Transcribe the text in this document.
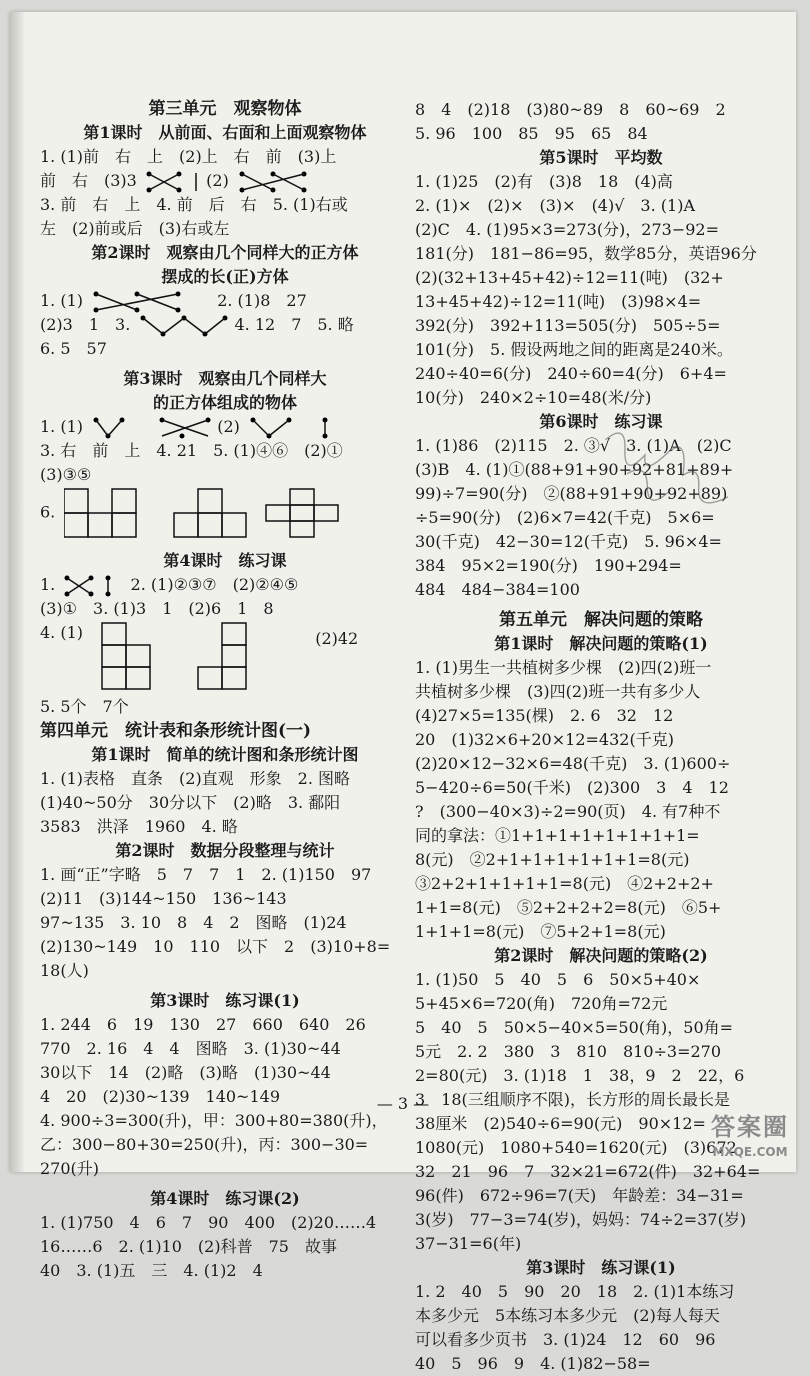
第三单元　观察物体
第1课时　从前面、右面和上面观察物体
1. (1)前　右　上　(2)上　右　前　(3)上
前　右　(3)3
	(2)
3. 前　右　上　4. 前　后　右　5. (1)右或
左　(2)前或后　(3)右或左
第2课时　观察由几个同样大的正方体
摆成的长(正)方体
1. (1)	2. (1)8　27
(2)3　1　3.	4. 12　7　5. 略
6. 5　57
第3课时　观察由几个同样大
的正方体组成的物体
1. (1)	(2)
3. 右　前　上　4. 21　5. (1)④⑥　(2)①
(3)③⑤
6.
第4课时　练习课
1.
	2. (1)②③⑦　(2)②④⑤
(3)①　3. (1)3　1　(2)6　1　8
4. (1)	(2)42
5. 5个　7个
第四单元　统计表和条形统计图(一)
第1课时　简单的统计图和条形统计图
1. (1)表格　直条　(2)直观　形象　2. 图略
(1)40~50分　30分以下　(2)略　3. 鄱阳
3583　洪泽　1960　4. 略
第2课时　数据分段整理与统计
1. 画“正”字略　5　7　7　1　2. (1)150　97
(2)11　(3)144~150　136~143
97~135　3. 10　8　4　2　图略　(1)24
(2)130~149　10　110　以下　2　(3)10+8=
18(人)
第3课时　练习课(1)
1. 244　6　19　130　27　660　640　26
770　2. 16　4　4　图略　3. (1)30~44
30以下　14　(2)略　(3)略　(1)30~44
4　20　(2)30~139　140~149
4. 900÷3=300(升)，甲：300+80=380(升)，
乙：300−80+30=250(升)，丙：300−30=
270(升)
第4课时　练习课(2)
1. (1)750　4　6　7　90　400　(2)20……4
16……6　2. (1)10　(2)科普　75　故事
40　3. (1)五　三　4. (1)2　4
8　4　(2)18　(3)80~89　8　60~69　2
5. 96　100　85　95　65　84
第5课时　平均数
1. (1)25　(2)有　(3)8　18　(4)高
2. (1)×　(2)×　(3)×　(4)√　3. (1)A
(2)C　4. (1)95×3=273(分)，273−92=
181(分)　181−86=95，数学85分，英语96分
(2)(32+13+45+42)÷12=11(吨)　(32+
13+45+42)÷12=11(吨)　(3)98×4=
392(分)　392+113=505(分)　505÷5=
101(分)　5. 假设两地之间的距离是240米。
240÷40=6(分)　240÷60=4(分)　6+4=
10(分)　240×2÷10=48(米/分)
第6课时　练习课
1. (1)86　(2)115　2. ③√　3. (1)A　(2)C
(3)B　4. (1)①(88+91+90+92+81+89+
99)÷7=90(分)　②(88+91+90+92+89)
÷5=90(分)　(2)6×7=42(千克)　5×6=
30(千克)　42−30=12(千克)　5. 96×4=
384　95×2=190(分)　190+294=
484　484−384=100
第五单元　解决问题的策略
第1课时　解决问题的策略(1)
1. (1)男生一共植树多少棵　(2)四(2)班一
共植树多少棵　(3)四(2)班一共有多少人
(4)27×5=135(棵)　2. 6　32　12
20　(1)32×6+20×12=432(千克)
(2)20×12−32×6=48(千克)　3. (1)600÷
5−420÷6=50(千米)　(2)300　3　4　12
?　(300−40×3)÷2=90(页)　4. 有7种不
同的拿法：①1+1+1+1+1+1+1+1=
8(元)　②2+1+1+1+1+1+1=8(元)
③2+2+1+1+1+1=8(元)　④2+2+2+
1+1=8(元)　⑤2+2+2+2=8(元)　⑥5+
1+1+1=8(元)　⑦5+2+1=8(元)
第2课时　解决问题的策略(2)
1. (1)50　5　40　5　6　50×5+40×
5+45×6=720(角)　720角=72元
5　40　5　50×5−40×5=50(角)，50角=
5元　2. 2　380　3　810　810÷3=270　
2=80(元)　3. (1)18　1　38，9　2　22，6
3　18(三组顺序不限)，长方形的周长最长是
38厘米　(2)540÷6=90(元)　90×12=
1080(元)　1080+540=1620(元)　(3)672
32　21　96　7　32×21=672(件)　32+64=
96(件)　672÷96=7(天)　年龄差：34−31=
3(岁)　77−3=74(岁)，妈妈：74÷2=37(岁)
37−31=6(年)
第3课时　练习课(1)
1. 2　40　5　90　20　18　2. (1)1本练习
本多少元　5本练习本多少元　(2)每人每天
可以看多少页书　3. (1)24　12　60　96
40　5　96　9　4. (1)82−58=
— 3 —
答案圈
MXQE.COM
